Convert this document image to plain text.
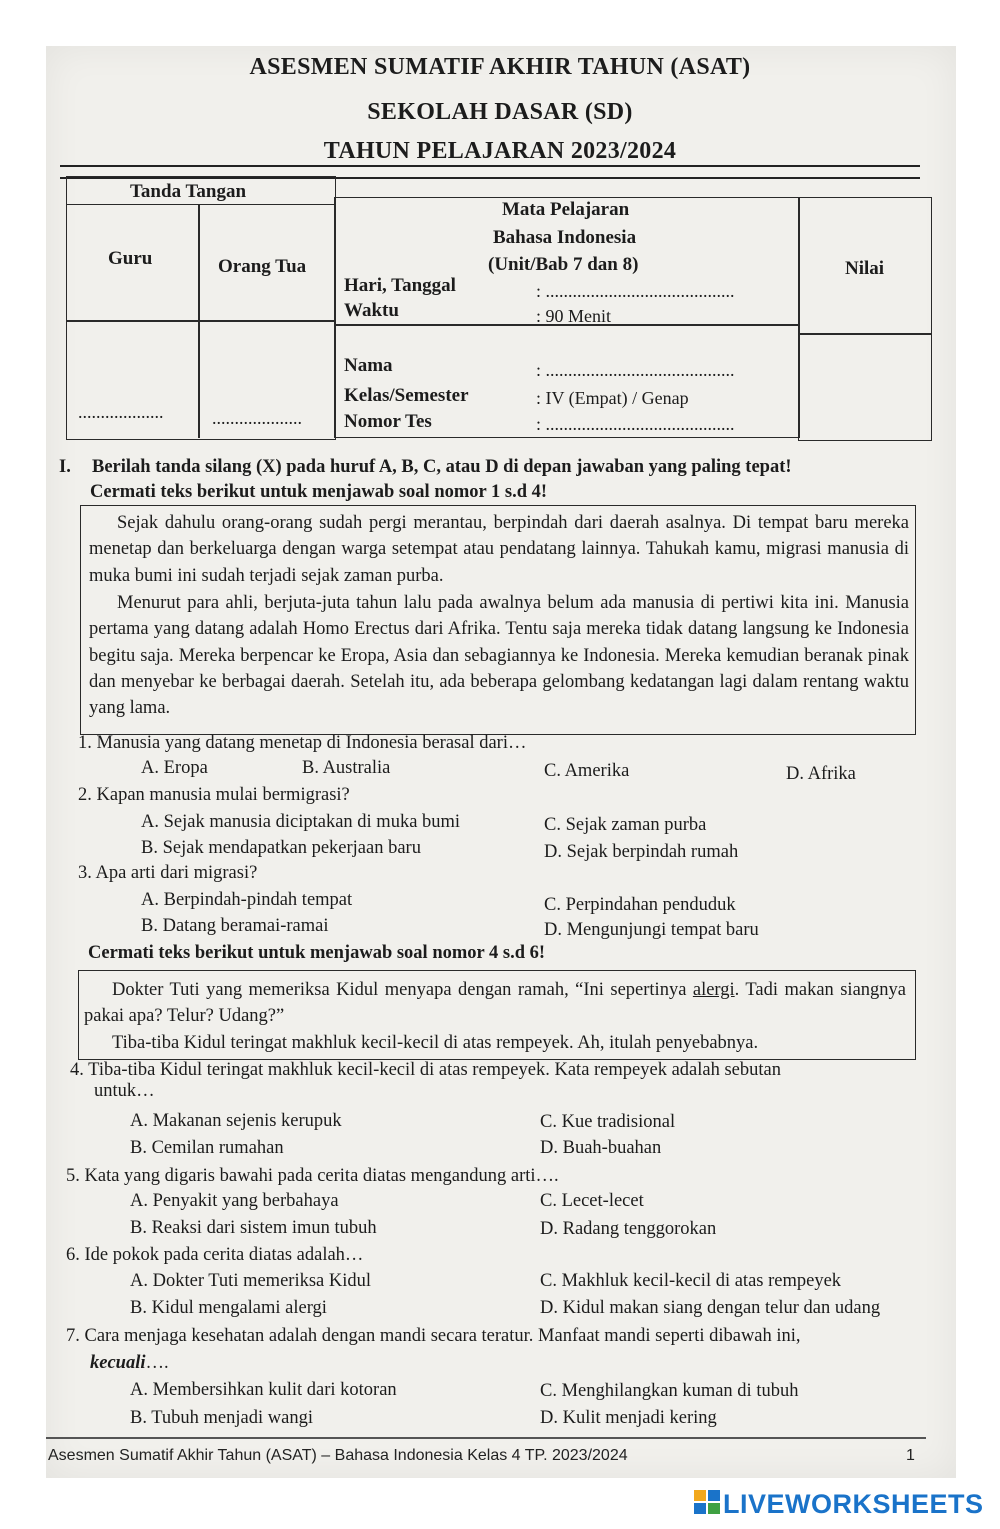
ASESMEN SUMATIF AKHIR TAHUN (ASAT)
SEKOLAH DASAR (SD)
TAHUN PELAJARAN 2023/2024
Tanda Tangan
Guru	Orang Tua
...................	....................
Mata Pelajaran
Bahasa Indonesia
(Unit/Bab 7 dan 8)
Hari, Tanggal	: ..........................................
Waktu	: 90 Menit
Nama	: ..........................................
Kelas/Semester	: IV (Empat) / Genap
Nomor Tes	: ..........................................
Nilai
I. Berilah tanda silang (X) pada huruf A, B, C, atau D di depan jawaban yang paling tepat!
Cermati teks berikut untuk menjawab soal nomor 1 s.d 4!
Sejak dahulu orang-orang sudah pergi merantau, berpindah dari daerah asalnya. Di tempat baru mereka menetap dan berkeluarga dengan warga setempat atau pendatang lainnya. Tahukah kamu, migrasi manusia di muka bumi ini sudah terjadi sejak zaman purba.
Menurut para ahli, berjuta-juta tahun lalu pada awalnya belum ada manusia di pertiwi kita ini. Manusia pertama yang datang adalah Homo Erectus dari Afrika. Tentu saja mereka tidak datang langsung ke Indonesia begitu saja. Mereka berpencar ke Eropa, Asia dan sebagiannya ke Indonesia. Mereka kemudian beranak pinak dan menyebar ke berbagai daerah. Setelah itu, ada beberapa gelombang kedatangan lagi dalam rentang waktu yang lama.
1. Manusia yang datang menetap di Indonesia berasal dari…
A. Eropa	B. Australia	C. Amerika	D. Afrika
2. Kapan manusia mulai bermigrasi?
A. Sejak manusia diciptakan di muka bumi
B. Sejak mendapatkan pekerjaan baru
C. Sejak zaman purba
D. Sejak berpindah rumah
3. Apa arti dari migrasi?
A. Berpindah-pindah tempat
B. Datang beramai-ramai
C. Perpindahan penduduk
D. Mengunjungi tempat baru
Cermati teks berikut untuk menjawab soal nomor 4 s.d 6!
Dokter Tuti yang memeriksa Kidul menyapa dengan ramah, “Ini sepertinya alergi. Tadi makan siangnya pakai apa? Telur? Udang?”
Tiba-tiba Kidul teringat makhluk kecil-kecil di atas rempeyek. Ah, itulah penyebabnya.
4. Tiba-tiba Kidul teringat makhluk kecil-kecil di atas rempeyek. Kata rempeyek adalah sebutan
untuk…
A. Makanan sejenis kerupuk
B. Cemilan rumahan
C. Kue tradisional
D. Buah-buahan
5. Kata yang digaris bawahi pada cerita diatas mengandung arti….
A. Penyakit yang berbahaya
B. Reaksi dari sistem imun tubuh
C. Lecet-lecet
D. Radang tenggorokan
6. Ide pokok pada cerita diatas adalah…
A. Dokter Tuti memeriksa Kidul
B. Kidul mengalami alergi
C. Makhluk kecil-kecil di atas rempeyek
D. Kidul makan siang dengan telur dan udang
7. Cara menjaga kesehatan adalah dengan mandi secara teratur. Manfaat mandi seperti dibawah ini,
kecuali….
A. Membersihkan kulit dari kotoran
B. Tubuh menjadi wangi
C. Menghilangkan kuman di tubuh
D. Kulit menjadi kering
Asesmen Sumatif Akhir Tahun (ASAT) – Bahasa Indonesia Kelas 4 TP. 2023/2024	1
LIVEWORKSHEETS
